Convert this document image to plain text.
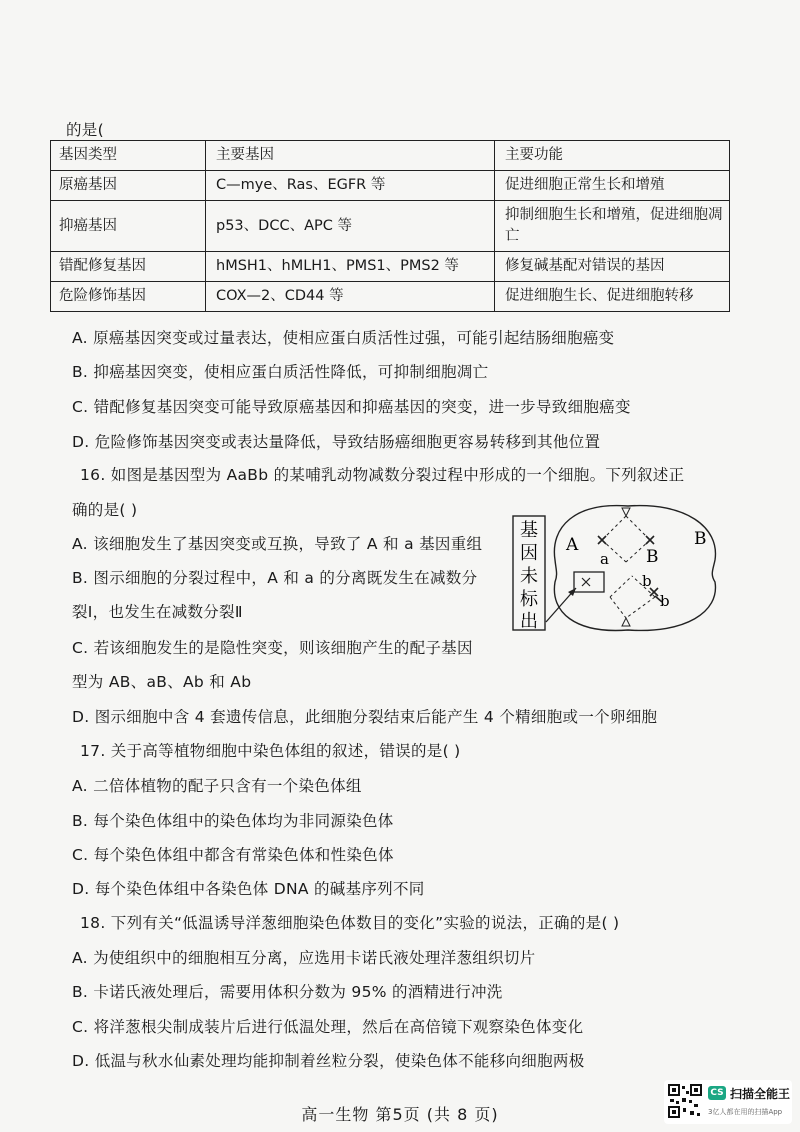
的是(
基因类型	主要基因	主要功能
原癌基因	C—mye、Ras、EGFR 等	促进细胞正常生长和增殖
抑癌基因	p53、DCC、APC 等	抑制细胞生长和增殖，促进细胞凋亡
错配修复基因	hMSH1、hMLH1、PMS1、PMS2 等	修复碱基配对错误的基因
危险修饰基因	COX—2、CD44 等	促进细胞生长、促进细胞转移
A. 原癌基因突变或过量表达，使相应蛋白质活性过强，可能引起结肠细胞癌变
B. 抑癌基因突变，使相应蛋白质活性降低，可抑制细胞凋亡
C. 错配修复基因突变可能导致原癌基因和抑癌基因的突变，进一步导致细胞癌变
D. 危险修饰基因突变或表达量降低，导致结肠癌细胞更容易转移到其他位置
16. 如图是基因型为 AaBb 的某哺乳动物减数分裂过程中形成的一个细胞。下列叙述正
确的是( )
A. 该细胞发生了基因突变或互换，导致了 A 和 a 基因重组
B. 图示细胞的分裂过程中，A 和 a 的分离既发生在减数分
裂Ⅰ，也发生在减数分裂Ⅱ
C. 若该细胞发生的是隐性突变，则该细胞产生的配子基因
型为 AB、aB、Ab 和 Ab
D. 图示细胞中含 4 套遗传信息，此细胞分裂结束后能产生 4 个精细胞或一个卵细胞
基
因
未
标
出
A
a
B
B
b
b
17. 关于高等植物细胞中染色体组的叙述，错误的是( )
A. 二倍体植物的配子只含有一个染色体组
B. 每个染色体组中的染色体均为非同源染色体
C. 每个染色体组中都含有常染色体和性染色体
D. 每个染色体组中各染色体 DNA 的碱基序列不同
18. 下列有关“低温诱导洋葱细胞染色体数目的变化”实验的说法，正确的是( )
A. 为使组织中的细胞相互分离，应选用卡诺氏液处理洋葱组织切片
B. 卡诺氏液处理后，需要用体积分数为 95% 的酒精进行冲洗
C. 将洋葱根尖制成装片后进行低温处理，然后在高倍镜下观察染色体变化
D. 低温与秋水仙素处理均能抑制着丝粒分裂，使染色体不能移向细胞两极
高一生物 第5页 (共 8 页)
CS 扫描全能王
3亿人都在用的扫描App
